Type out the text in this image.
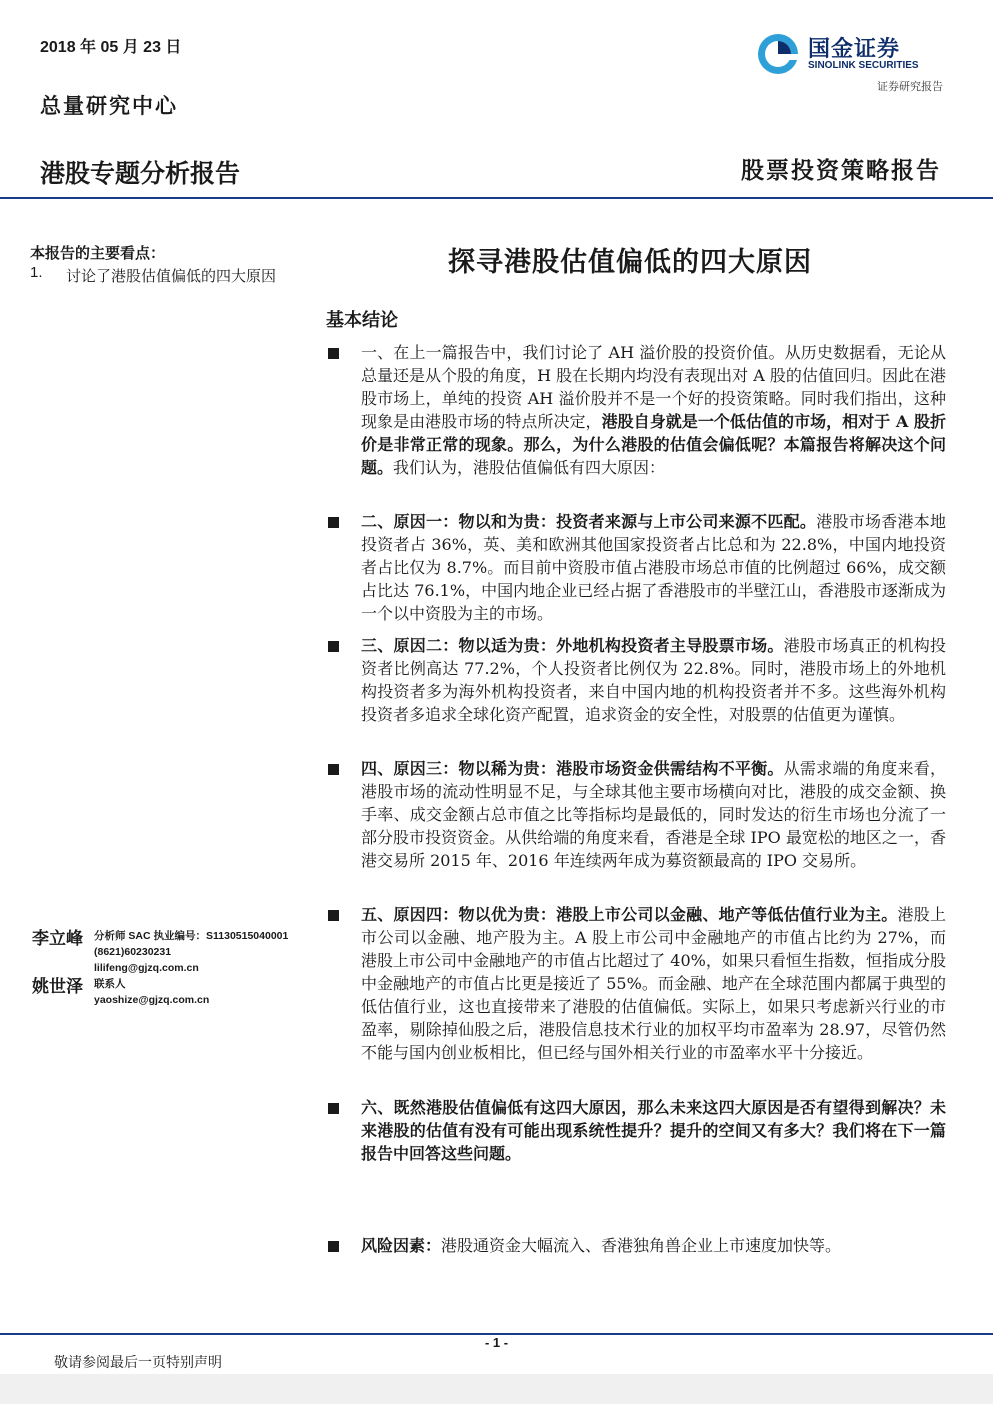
2018 年 05 月 23 日
总量研究中心
港股专题分析报告	股票投资策略报告
国金证券
SINOLINK SECURITIES
证券研究报告
本报告的主要看点：
1. 讨论了港股估值偏低的四大原因
李立峰 分析师 SAC 执业编号：S1130515040001
(8621)60230231
lilifeng@gjzq.com.cn
姚世泽 联系人
yaoshize@gjzq.com.cn
探寻港股估值偏低的四大原因
基本结论
一、在上一篇报告中，我们讨论了 AH 溢价股的投资价值。从历史数据看，无论从总量还是从个股的角度，H 股在长期内均没有表现出对 A 股的估值回归。因此在港股市场上，单纯的投资 AH 溢价股并不是一个好的投资策略。同时我们指出，这种现象是由港股市场的特点所决定，港股自身就是一个低估值的市场，相对于 A 股折价是非常正常的现象。那么，为什么港股的估值会偏低呢？本篇报告将解决这个问题。我们认为，港股估值偏低有四大原因：
二、原因一：物以和为贵：投资者来源与上市公司来源不匹配。港股市场香港本地投资者占 36%，英、美和欧洲其他国家投资者占比总和为 22.8%，中国内地投资者占比仅为 8.7%。而目前中资股市值占港股市场总市值的比例超过 66%，成交额占比达 76.1%，中国内地企业已经占据了香港股市的半壁江山，香港股市逐渐成为一个以中资股为主的市场。
三、原因二：物以适为贵：外地机构投资者主导股票市场。港股市场真正的机构投资者比例高达 77.2%，个人投资者比例仅为 22.8%。同时，港股市场上的外地机构投资者多为海外机构投资者，来自中国内地的机构投资者并不多。这些海外机构投资者多追求全球化资产配置，追求资金的安全性，对股票的估值更为谨慎。
四、原因三：物以稀为贵：港股市场资金供需结构不平衡。从需求端的角度来看，港股市场的流动性明显不足，与全球其他主要市场横向对比，港股的成交金额、换手率、成交金额占总市值之比等指标均是最低的，同时发达的衍生市场也分流了一部分股市投资资金。从供给端的角度来看，香港是全球 IPO 最宽松的地区之一，香港交易所 2015 年、2016 年连续两年成为募资额最高的 IPO 交易所。
五、原因四：物以优为贵：港股上市公司以金融、地产等低估值行业为主。港股上市公司以金融、地产股为主。A 股上市公司中金融地产的市值占比约为 27%，而港股上市公司中金融地产的市值占比超过了 40%，如果只看恒生指数，恒指成分股中金融地产的市值占比更是接近了 55%。而金融、地产在全球范围内都属于典型的低估值行业，这也直接带来了港股的估值偏低。实际上，如果只考虑新兴行业的市盈率，剔除掉仙股之后，港股信息技术行业的加权平均市盈率为 28.97，尽管仍然不能与国内创业板相比，但已经与国外相关行业的市盈率水平十分接近。
六、既然港股估值偏低有这四大原因，那么未来这四大原因是否有望得到解决？未来港股的估值有没有可能出现系统性提升？提升的空间又有多大？我们将在下一篇报告中回答这些问题。
风险因素：港股通资金大幅流入、香港独角兽企业上市速度加快等。
- 1 -
敬请参阅最后一页特别声明
